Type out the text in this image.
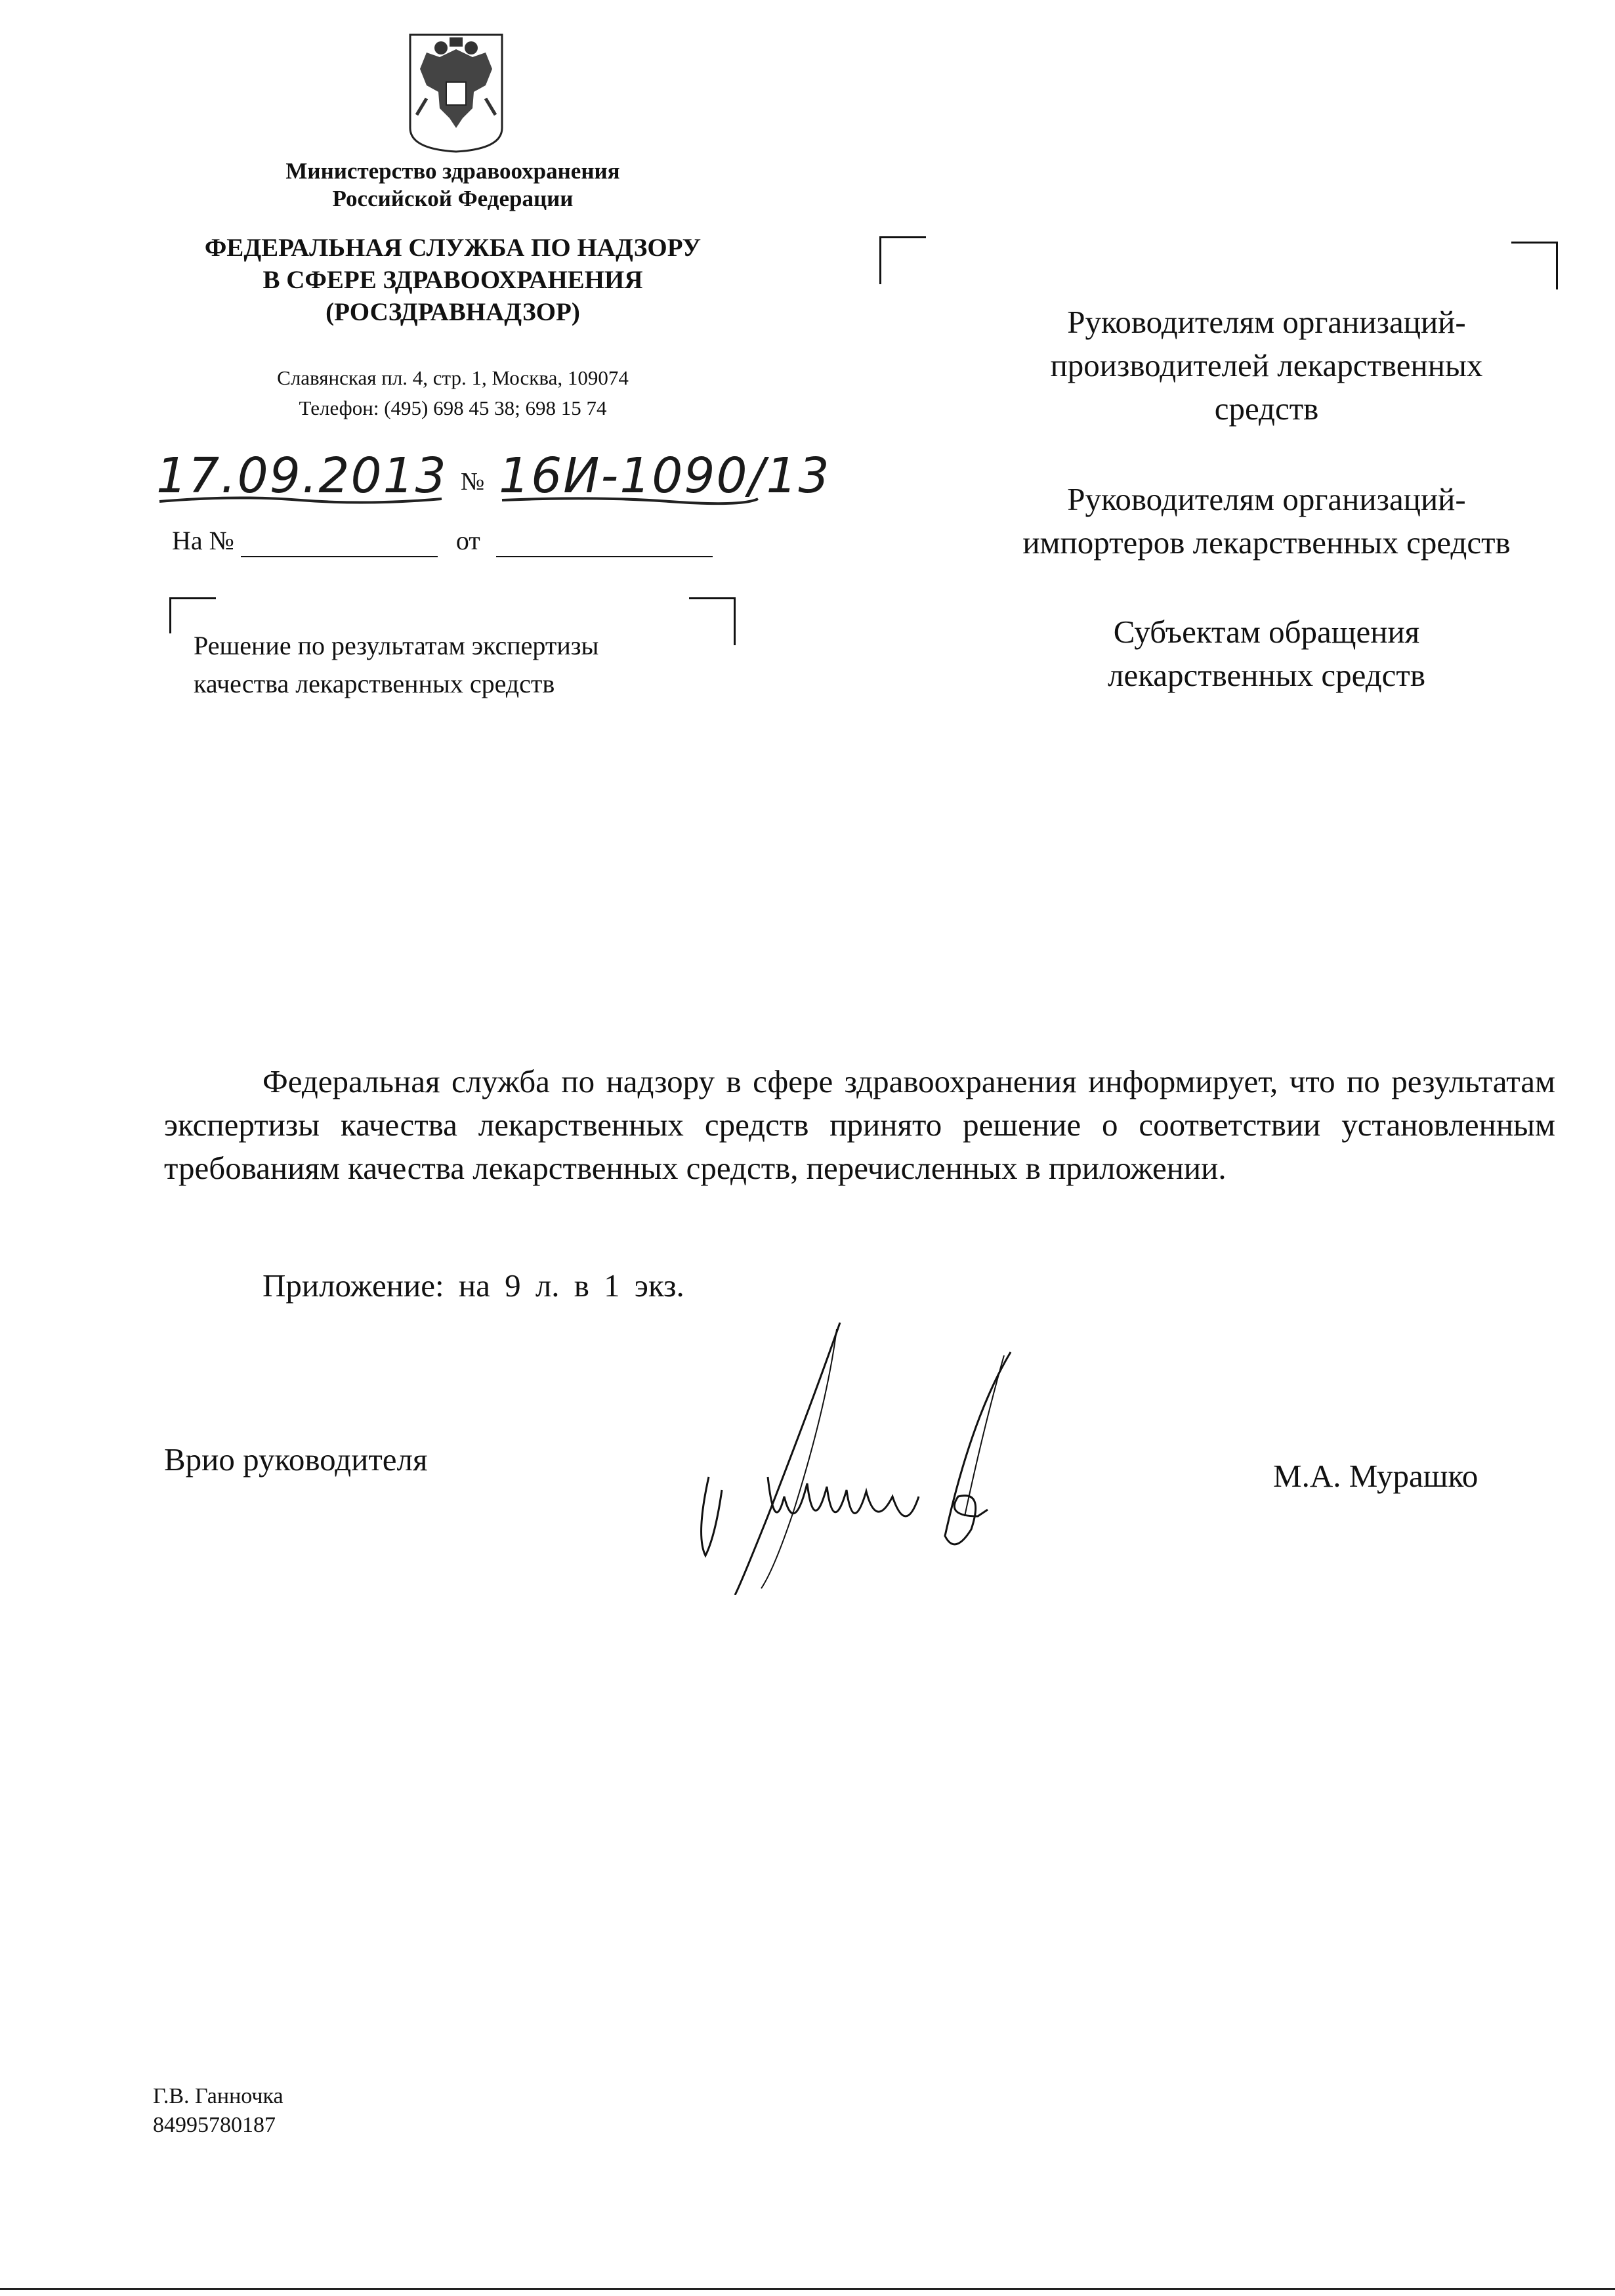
Министерство здравоохранения
Российской Федерации
ФЕДЕРАЛЬНАЯ СЛУЖБА ПО НАДЗОРУ
В СФЕРЕ ЗДРАВООХРАНЕНИЯ
(РОСЗДРАВНАДЗОР)
Славянская пл. 4, стр. 1, Москва, 109074
Телефон: (495) 698 45 38; 698 15 74
17.09.2013 № 16И-1090/13
На №	от
Решение по результатам экспертизы
качества лекарственных средств
Руководителям организаций-
производителей лекарственных
средств
Руководителям организаций-
импортеров лекарственных средств
Субъектам обращения
лекарственных средств
Федеральная служба по надзору в сфере здравоохранения информирует, что по результатам экспертизы качества лекарственных средств принято решение о соответствии установленным требованиям качества лекарственных средств, перечисленных в приложении.
Приложение: на 9 л. в 1 экз.
Врио руководителя	М.А. Мурашко
Г.В. Ганночка
84995780187
